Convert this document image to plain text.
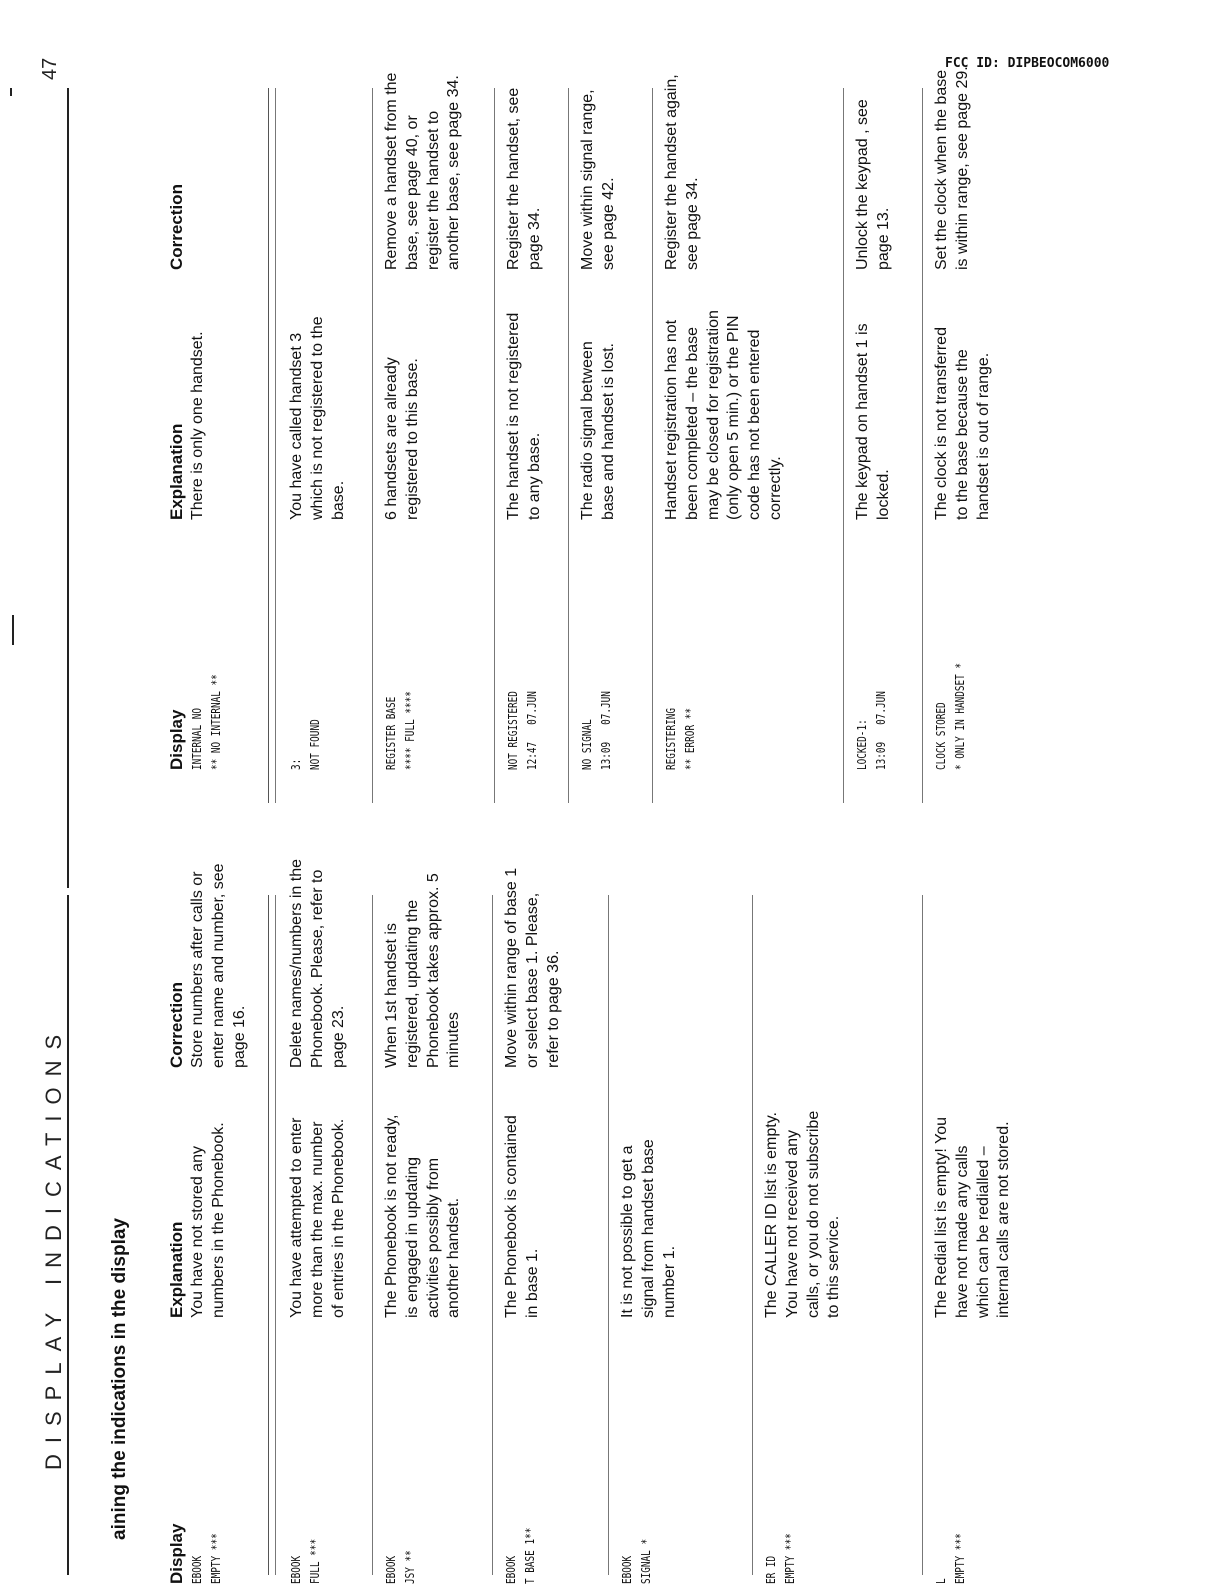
DISPLAY INDICATIONS
47	FCC ID: DIPBEOCOM6000
aining the indications in the display
Display
Explanation
Correction
Display
Explanation
Correction
EBOOK
EMPTY ***
You have not stored any numbers in the Phonebook.
Store numbers after calls or enter name and number, see page 16.
EBOOK
FULL ***
You have attempted to enter more than the max. number of entries in the Phonebook.
Delete names/numbers in the Phonebook. Please, refer to page 23.
EBOOK
JSY **
The Phonebook is not ready, is engaged in updating activities possibly from another handset.
When 1st handset is registered, updating the Phonebook takes approx. 5 minutes
EBOOK
T BASE 1**
The Phonebook is contained in base 1.
Move within range of base 1 or select base 1. Please, refer to page 36.
EBOOK
SIGNAL *
It is not possible to get a signal from handset base number 1.
ER ID
EMPTY ***
The CALLER ID list is empty. You have not received any calls, or you do not subscribe to this service.
L
EMPTY ***
The Redial list is empty! You have not made any calls which can be redialled – internal calls are not stored.
INTERNAL NO
** NO INTERNAL **
There is only one handset.
3:
NOT FOUND
You have called handset 3 which is not registered to the base.
REGISTER BASE
**** FULL ****
6 handsets are already registered to this base.
Remove a handset from the base, see page 40, or register the handset to another base, see page 34.
NOT REGISTERED
12:47   07.JUN
The handset is not registered to any base.
Register the handset, see page 34.
NO SIGNAL
13:09   07.JUN
The radio signal between base and handset is lost.
Move within signal range, see page 42.
REGISTERING
** ERROR **
Handset registration has not been completed – the base may be closed for registration (only open 5 min.) or the PIN code has not been entered correctly.
Register the handset again, see page 34.
LOCKED-1:
13:09   07.JUN
The keypad on handset 1 is locked.
Unlock the keypad , see page 13.
CLOCK STORED
* ONLY IN HANDSET *
The clock is not transferred to the base because the handset is out of range.
Set the clock when the base is within range, see page 29.
